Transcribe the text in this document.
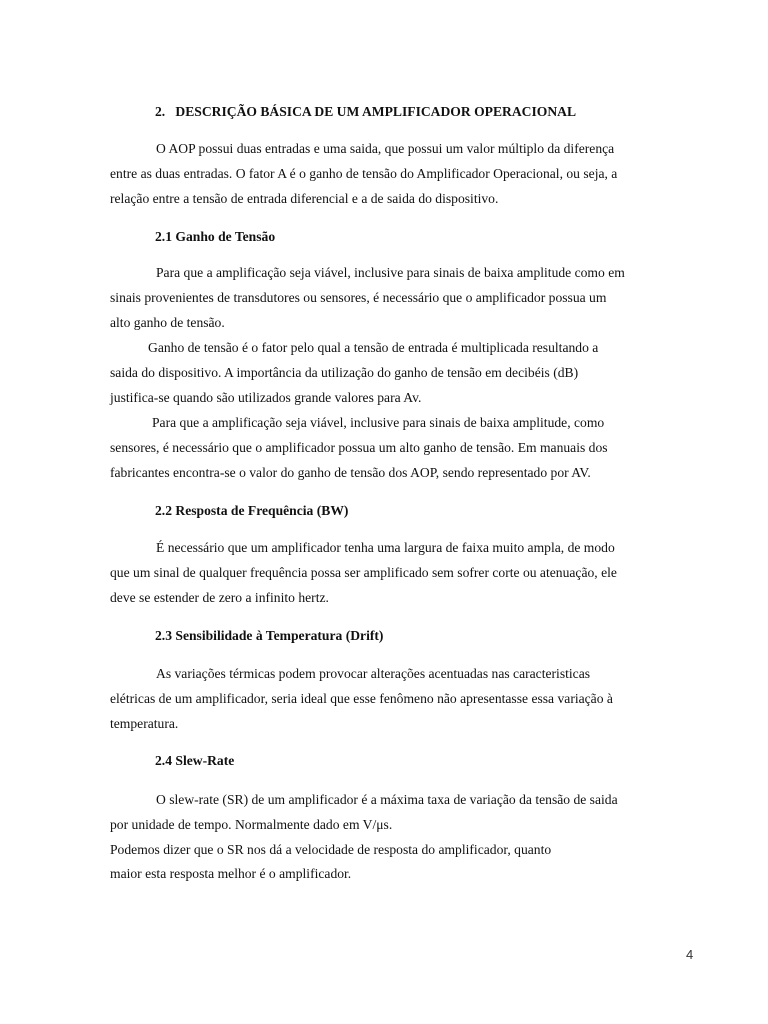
2.   DESCRIÇÃO BÁSICA DE UM AMPLIFICADOR OPERACIONAL
O AOP possui duas entradas e uma saida, que possui um valor múltiplo da diferença
entre as duas entradas. O fator A é o ganho de tensão do Amplificador Operacional, ou seja, a
relação entre a tensão de entrada diferencial e a de saida do dispositivo.
2.1 Ganho de Tensão
Para que a amplificação seja viável, inclusive para sinais de baixa amplitude como em
sinais provenientes de transdutores ou sensores, é necessário que o amplificador possua um
alto ganho de tensão.
Ganho de tensão é o fator pelo qual a tensão de entrada é multiplicada resultando a
saida do dispositivo. A importância da utilização do ganho de tensão em decibéis (dB)
justifica-se quando são utilizados grande valores para Av.
Para que a amplificação seja viável, inclusive para sinais de baixa amplitude, como
sensores, é necessário que o amplificador possua um alto ganho de tensão. Em manuais dos
fabricantes encontra-se o valor do ganho de tensão dos AOP, sendo representado por AV.
2.2 Resposta de Frequência (BW)
É necessário que um amplificador tenha uma largura de faixa muito ampla, de modo
que um sinal de qualquer frequência possa ser amplificado sem sofrer corte ou atenuação, ele
deve se estender de zero a infinito hertz.
2.3 Sensibilidade à Temperatura (Drift)
As variações térmicas podem provocar alterações acentuadas nas caracteristicas
elétricas de um amplificador, seria ideal que esse fenômeno não apresentasse essa variação à
temperatura.
2.4 Slew-Rate
O slew-rate (SR) de um amplificador é a máxima taxa de variação da tensão de saida
por unidade de tempo. Normalmente dado em V/μs.
Podemos dizer que o SR nos dá a velocidade de resposta do amplificador, quanto
maior esta resposta melhor é o amplificador.
4
